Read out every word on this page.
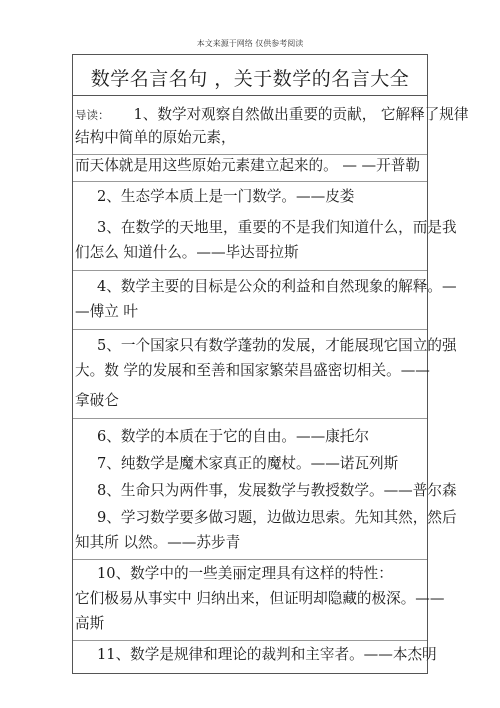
本文来源于网络 仅供参考阅读
数学名言名句 ，关于数学的名言大全
导读： 1、数学对观察自然做出重要的贡献， 它解释了规律
结构中简单的原始元素，
而天体就是用这些原始元素建立起来的。 — —开普勒
2、生态学本质上是一门数学。——皮娄
3、在数学的天地里，重要的不是我们知道什么，而是我
们怎么 知道什么。——毕达哥拉斯
4、数学主要的目标是公众的利益和自然现象的解释。—
—傅立 叶
5、一个国家只有数学蓬勃的发展，才能展现它国立的强
大。数 学的发展和至善和国家繁荣昌盛密切相关。——
拿破仑
6、数学的本质在于它的自由。——康托尔
7、纯数学是魔术家真正的魔杖。——诺瓦列斯
8、生命只为两件事，发展数学与教授数学。——普尔森
9、学习数学要多做习题，边做边思索。先知其然，然后
知其所 以然。——苏步青
10、数学中的一些美丽定理具有这样的特性：
它们极易从事实中 归纳出来，但证明却隐藏的极深。——
高斯
11、数学是规律和理论的裁判和主宰者。——本杰明
